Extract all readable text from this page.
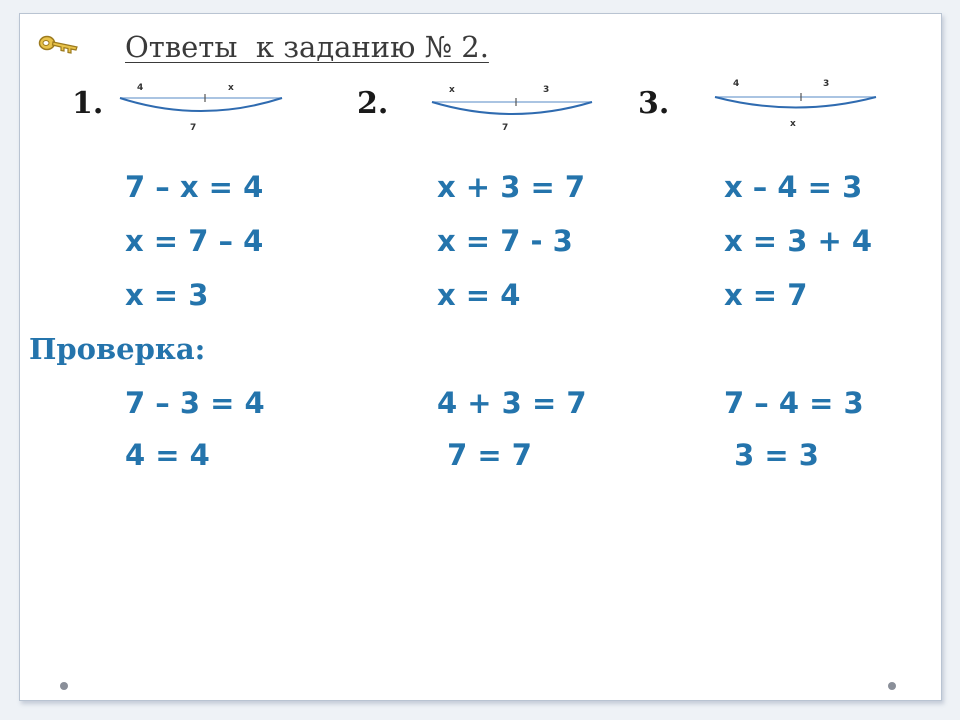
Ответы  к заданию № 2.
1.	2.	3.
4	x
7
x	3
7
4	3
x
7 – х = 4
х = 7 – 4
х = 3
х + 3 = 7
х = 7 - 3
х = 4
х – 4 = 3
х = 3 + 4
х = 7
Проверка:
7 – 3 = 4
4 = 4
4 + 3 = 7
7 = 7
7 – 4 = 3
3 = 3
